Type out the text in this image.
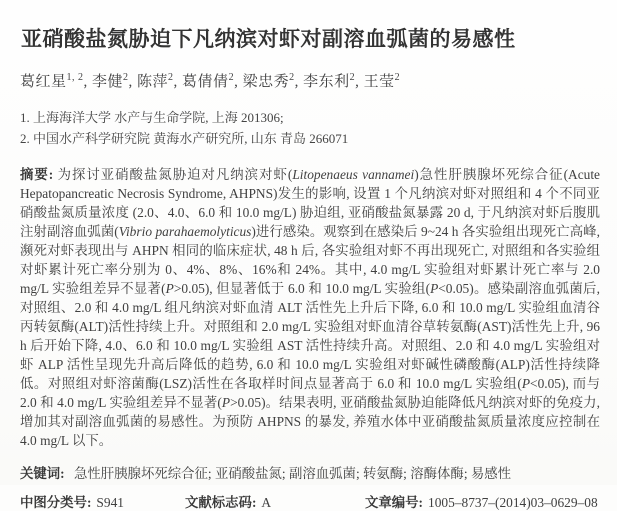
亚硝酸盐氮胁迫下凡纳滨对虾对副溶血弧菌的易感性
葛红星$^{1, 2}$, 李健$^2$, 陈萍$^2$, 葛倩倩$^2$, 梁忠秀$^2$, 李东利$^2$, 王莹$^2$
1. 上海海洋大学 水产与生命学院, 上海 201306;
2. 中国水产科学研究院 黄海水产研究所, 山东 青岛 266071
摘要: 为探讨亚硝酸盐氮胁迫对凡纳滨对虾(Litopenaeus vannamei)急性肝胰腺坏死综合征(Acute Hepatopancreatic Necrosis Syndrome, AHPNS)发生的影响, 设置 1 个凡纳滨对虾对照组和 4 个不同亚硝酸盐氮质量浓度 (2.0、4.0、6.0 和 10.0 mg/L) 胁迫组, 亚硝酸盐氮暴露 20 d, 于凡纳滨对虾后腹肌注射副溶血弧菌(Vibrio parahaemolyticus)进行感染。观察到在感染后 9~24 h 各实验组出现死亡高峰, 濒死对虾表现出与 AHPN 相同的临床症状, 48 h 后, 各实验组对虾不再出现死亡, 对照组和各实验组对虾累计死亡率分别为 0、4%、8%、16%和 24%。其中, 4.0 mg/L 实验组对虾累计死亡率与 2.0 mg/L 实验组差异不显著(P>0.05), 但显著低于 6.0 和 10.0 mg/L 实验组(P<0.05)。感染副溶血弧菌后, 对照组、2.0 和 4.0 mg/L 组凡纳滨对虾血清 ALT 活性先上升后下降, 6.0 和 10.0 mg/L 实验组血清谷丙转氨酶(ALT)活性持续上升。对照组和 2.0 mg/L 实验组对虾血清谷草转氨酶(AST)活性先上升, 96 h 后开始下降, 4.0、6.0 和 10.0 mg/L 实验组 AST 活性持续升高。对照组、2.0 和 4.0 mg/L 实验组对虾 ALP 活性呈现先升高后降低的趋势, 6.0 和 10.0 mg/L 实验组对虾碱性磷酸酶(ALP)活性持续降低。对照组对虾溶菌酶(LSZ)活性在各取样时间点显著高于 6.0 和 10.0 mg/L 实验组(P<0.05), 而与 2.0 和 4.0 mg/L 实验组差异不显著(P>0.05)。结果表明, 亚硝酸盐氮胁迫能降低凡纳滨对虾的免疫力, 增加其对副溶血弧菌的易感性。为预防 AHPNS 的暴发, 养殖水体中亚硝酸盐氮质量浓度应控制在 4.0 mg/L 以下。
关键词: 急性肝胰腺坏死综合征; 亚硝酸盐氮; 副溶血弧菌; 转氨酶; 溶酶体酶; 易感性
中图分类号: S941	文献标志码: A	文章编号: 1005–8737–(2014)03–0629–08
